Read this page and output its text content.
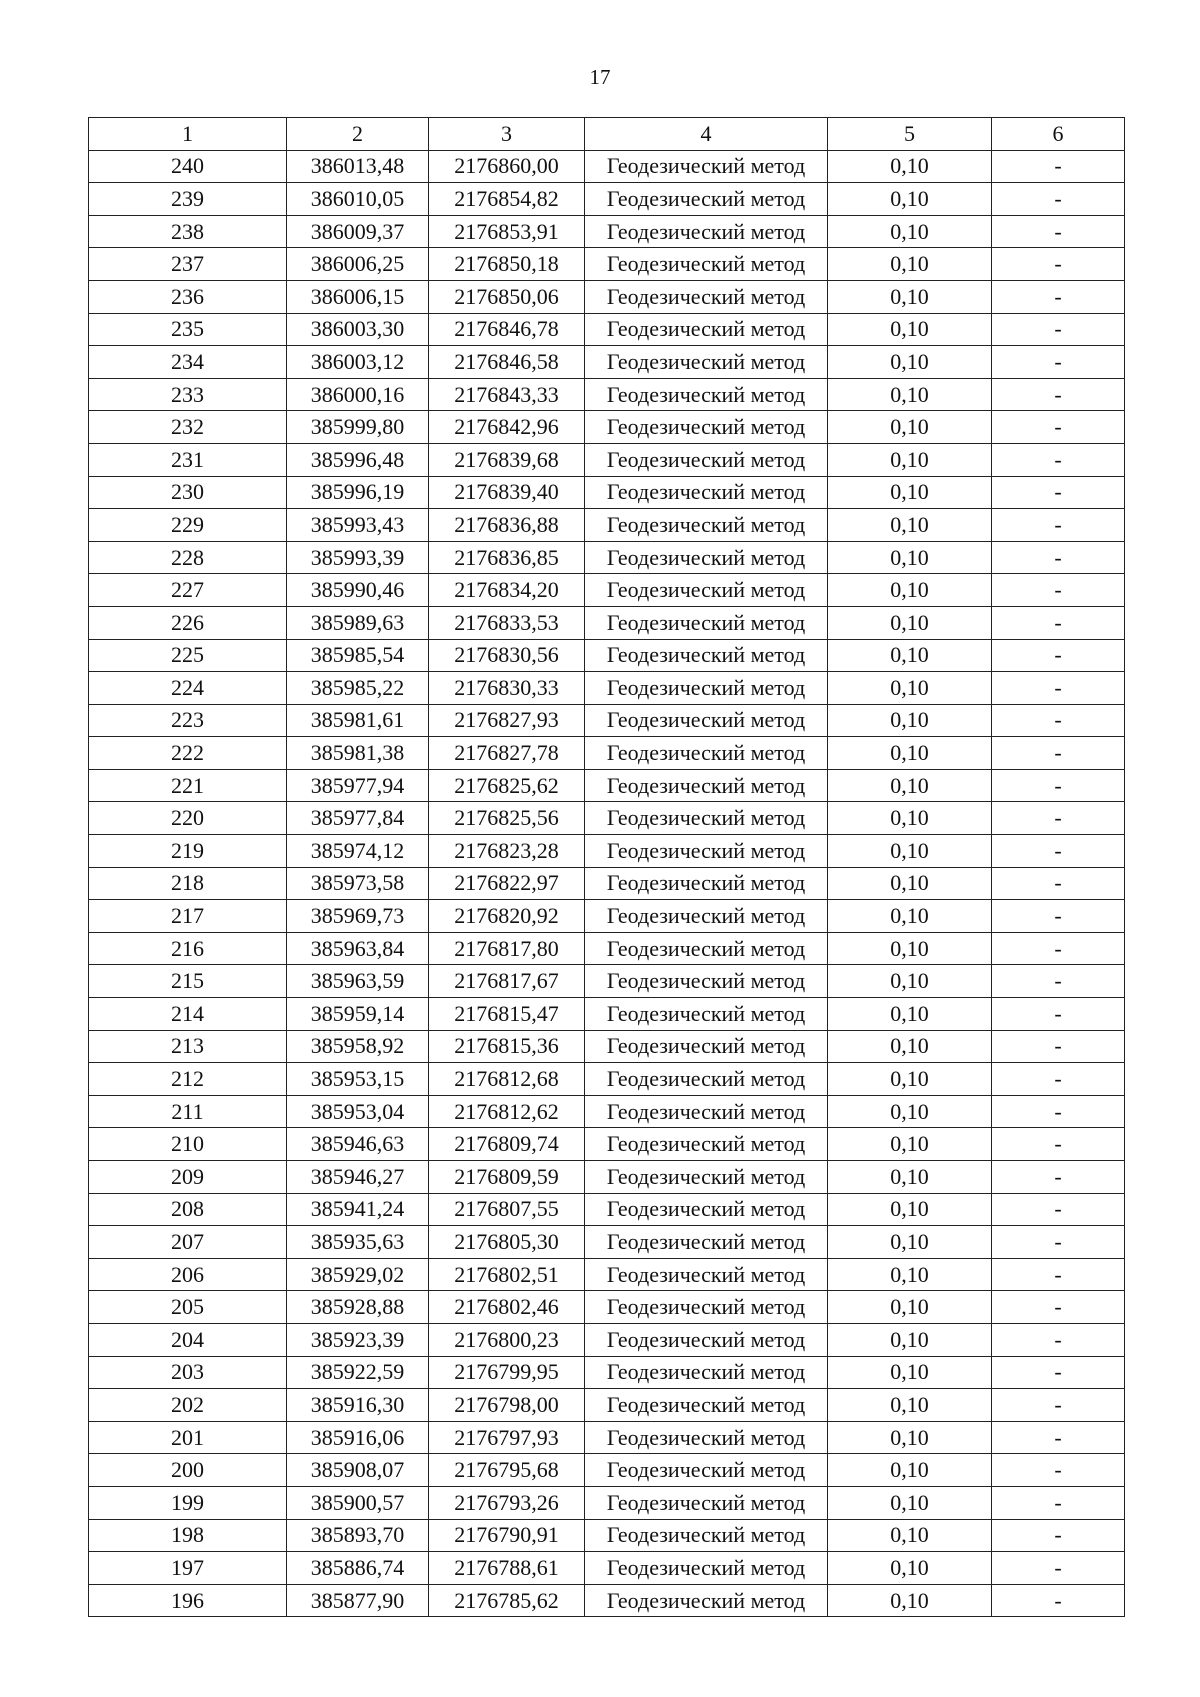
17
1	2	3	4	5	6
240	386013,48	2176860,00	Геодезический метод	0,10	-
239	386010,05	2176854,82	Геодезический метод	0,10	-
238	386009,37	2176853,91	Геодезический метод	0,10	-
237	386006,25	2176850,18	Геодезический метод	0,10	-
236	386006,15	2176850,06	Геодезический метод	0,10	-
235	386003,30	2176846,78	Геодезический метод	0,10	-
234	386003,12	2176846,58	Геодезический метод	0,10	-
233	386000,16	2176843,33	Геодезический метод	0,10	-
232	385999,80	2176842,96	Геодезический метод	0,10	-
231	385996,48	2176839,68	Геодезический метод	0,10	-
230	385996,19	2176839,40	Геодезический метод	0,10	-
229	385993,43	2176836,88	Геодезический метод	0,10	-
228	385993,39	2176836,85	Геодезический метод	0,10	-
227	385990,46	2176834,20	Геодезический метод	0,10	-
226	385989,63	2176833,53	Геодезический метод	0,10	-
225	385985,54	2176830,56	Геодезический метод	0,10	-
224	385985,22	2176830,33	Геодезический метод	0,10	-
223	385981,61	2176827,93	Геодезический метод	0,10	-
222	385981,38	2176827,78	Геодезический метод	0,10	-
221	385977,94	2176825,62	Геодезический метод	0,10	-
220	385977,84	2176825,56	Геодезический метод	0,10	-
219	385974,12	2176823,28	Геодезический метод	0,10	-
218	385973,58	2176822,97	Геодезический метод	0,10	-
217	385969,73	2176820,92	Геодезический метод	0,10	-
216	385963,84	2176817,80	Геодезический метод	0,10	-
215	385963,59	2176817,67	Геодезический метод	0,10	-
214	385959,14	2176815,47	Геодезический метод	0,10	-
213	385958,92	2176815,36	Геодезический метод	0,10	-
212	385953,15	2176812,68	Геодезический метод	0,10	-
211	385953,04	2176812,62	Геодезический метод	0,10	-
210	385946,63	2176809,74	Геодезический метод	0,10	-
209	385946,27	2176809,59	Геодезический метод	0,10	-
208	385941,24	2176807,55	Геодезический метод	0,10	-
207	385935,63	2176805,30	Геодезический метод	0,10	-
206	385929,02	2176802,51	Геодезический метод	0,10	-
205	385928,88	2176802,46	Геодезический метод	0,10	-
204	385923,39	2176800,23	Геодезический метод	0,10	-
203	385922,59	2176799,95	Геодезический метод	0,10	-
202	385916,30	2176798,00	Геодезический метод	0,10	-
201	385916,06	2176797,93	Геодезический метод	0,10	-
200	385908,07	2176795,68	Геодезический метод	0,10	-
199	385900,57	2176793,26	Геодезический метод	0,10	-
198	385893,70	2176790,91	Геодезический метод	0,10	-
197	385886,74	2176788,61	Геодезический метод	0,10	-
196	385877,90	2176785,62	Геодезический метод	0,10	-
